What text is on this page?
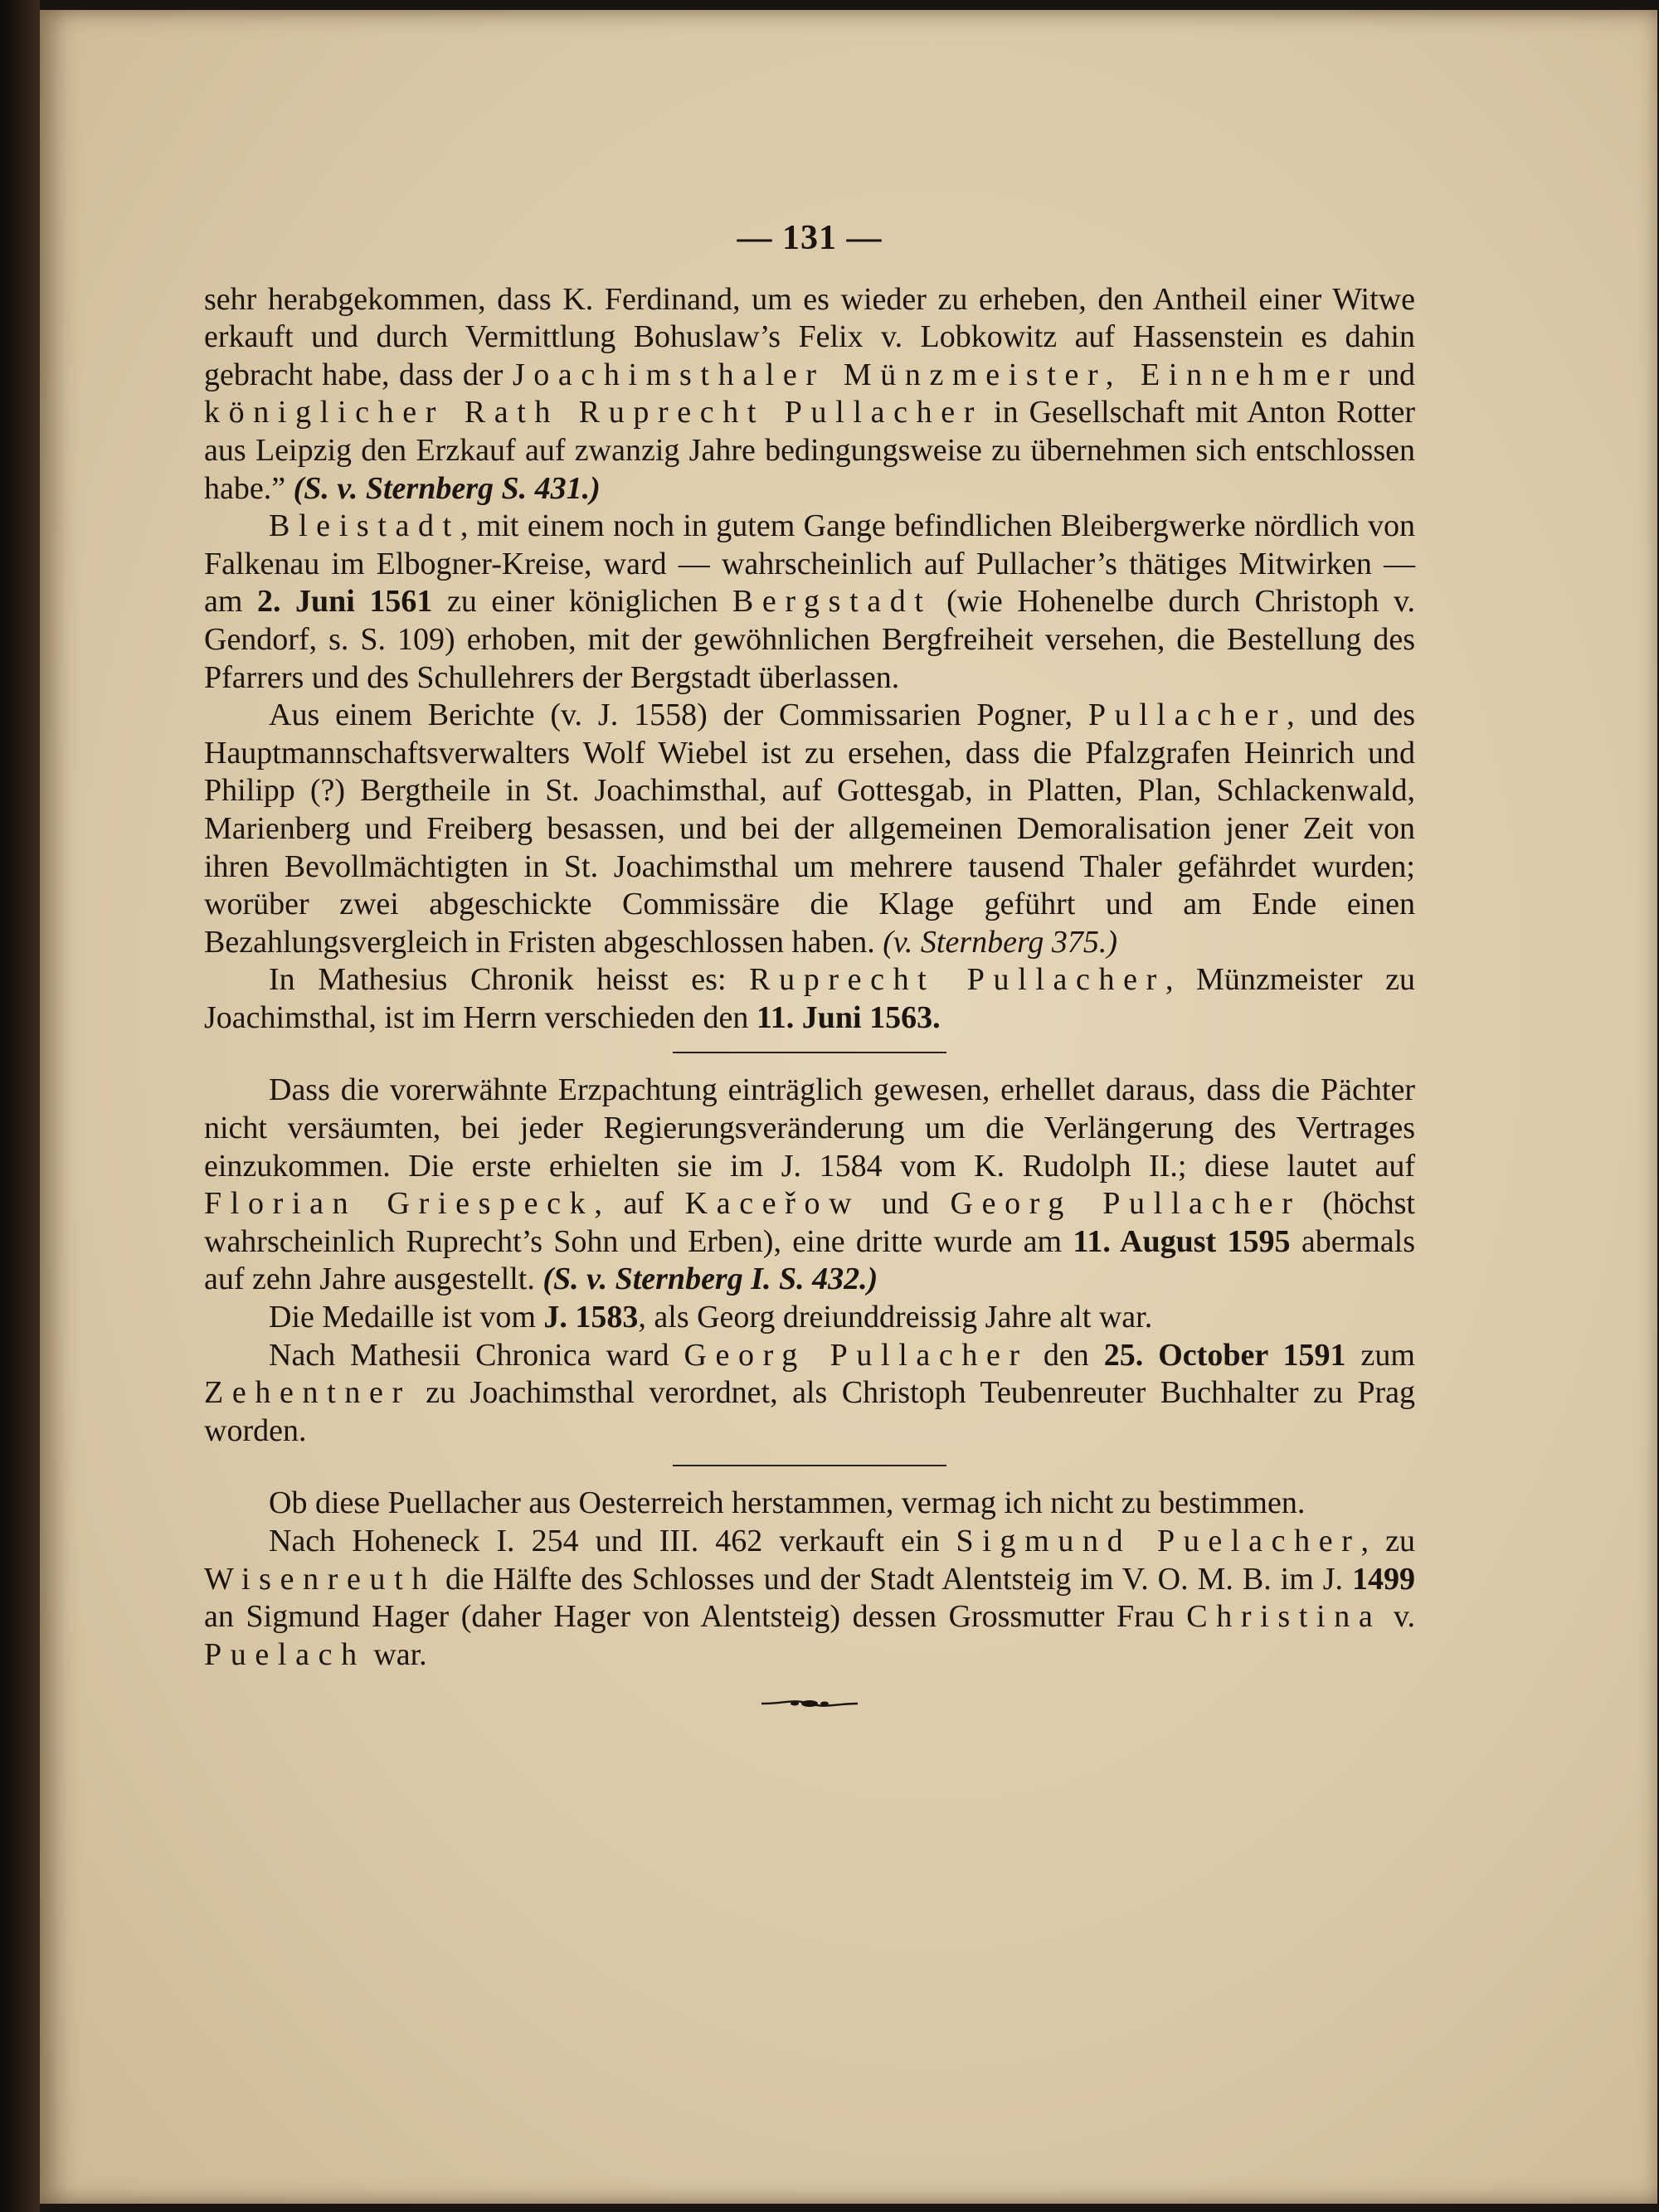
— 131 —

sehr herabgekommen, dass K. Ferdinand, um es wieder zu erheben, den Antheil einer Witwe erkauft und durch Vermittlung Bohuslaw’s Felix v. Lobkowitz auf Hassenstein es dahin gebracht habe, dass der Joachimsthaler Münzmeister, Einnehmer und königlicher Rath Ruprecht Pullacher in Gesellschaft mit Anton Rotter aus Leipzig den Erzkauf auf zwanzig Jahre bedingungsweise zu übernehmen sich entschlossen habe.” (S. v. Sternberg S. 431.)

Bleistadt, mit einem noch in gutem Gange befindlichen Bleibergwerke nördlich von Falkenau im Elbogner-Kreise, ward — wahrscheinlich auf Pullacher’s thätiges Mitwirken — am 2. Juni 1561 zu einer königlichen Bergstadt (wie Hohenelbe durch Christoph v. Gendorf, s. S. 109) erhoben, mit der gewöhnlichen Bergfreiheit versehen, die Bestellung des Pfarrers und des Schullehrers der Bergstadt überlassen.

Aus einem Berichte (v. J. 1558) der Commissarien Pogner, Pullacher, und des Hauptmannschaftsverwalters Wolf Wiebel ist zu ersehen, dass die Pfalzgrafen Heinrich und Philipp (?) Bergtheile in St. Joachimsthal, auf Gottesgab, in Platten, Plan, Schlackenwald, Marienberg und Freiberg besassen, und bei der allgemeinen Demoralisation jener Zeit von ihren Bevollmächtigten in St. Joachimsthal um mehrere tausend Thaler gefährdet wurden; worüber zwei abgeschickte Commissäre die Klage geführt und am Ende einen Bezahlungsvergleich in Fristen abgeschlossen haben. (v. Sternberg 375.)

In Mathesius Chronik heisst es: Ruprecht Pullacher, Münzmeister zu Joachimsthal, ist im Herrn verschieden den 11. Juni 1563.

Dass die vorerwähnte Erzpachtung einträglich gewesen, erhellet daraus, dass die Pächter nicht versäumten, bei jeder Regierungsveränderung um die Verlängerung des Vertrages einzukommen. Die erste erhielten sie im J. 1584 vom K. Rudolph II.; diese lautet auf Florian Griespeck, auf Kaceřow und Georg Pullacher (höchst wahrscheinlich Ruprecht’s Sohn und Erben), eine dritte wurde am 11. August 1595 abermals auf zehn Jahre ausgestellt. (S. v. Sternberg I. S. 432.)

Die Medaille ist vom J. 1583, als Georg dreiunddreissig Jahre alt war.

Nach Mathesii Chronica ward Georg Pullacher den 25. October 1591 zum Zehentner zu Joachimsthal verordnet, als Christoph Teubenreuter Buchhalter zu Prag worden.

Ob diese Puellacher aus Oesterreich herstammen, vermag ich nicht zu bestimmen.

Nach Hoheneck I. 254 und III. 462 verkauft ein Sigmund Puelacher, zu Wisenreuth die Hälfte des Schlosses und der Stadt Alentsteig im V. O. M. B. im J. 1499 an Sigmund Hager (daher Hager von Alentsteig) dessen Grossmutter Frau Christina v. Puelach war.
